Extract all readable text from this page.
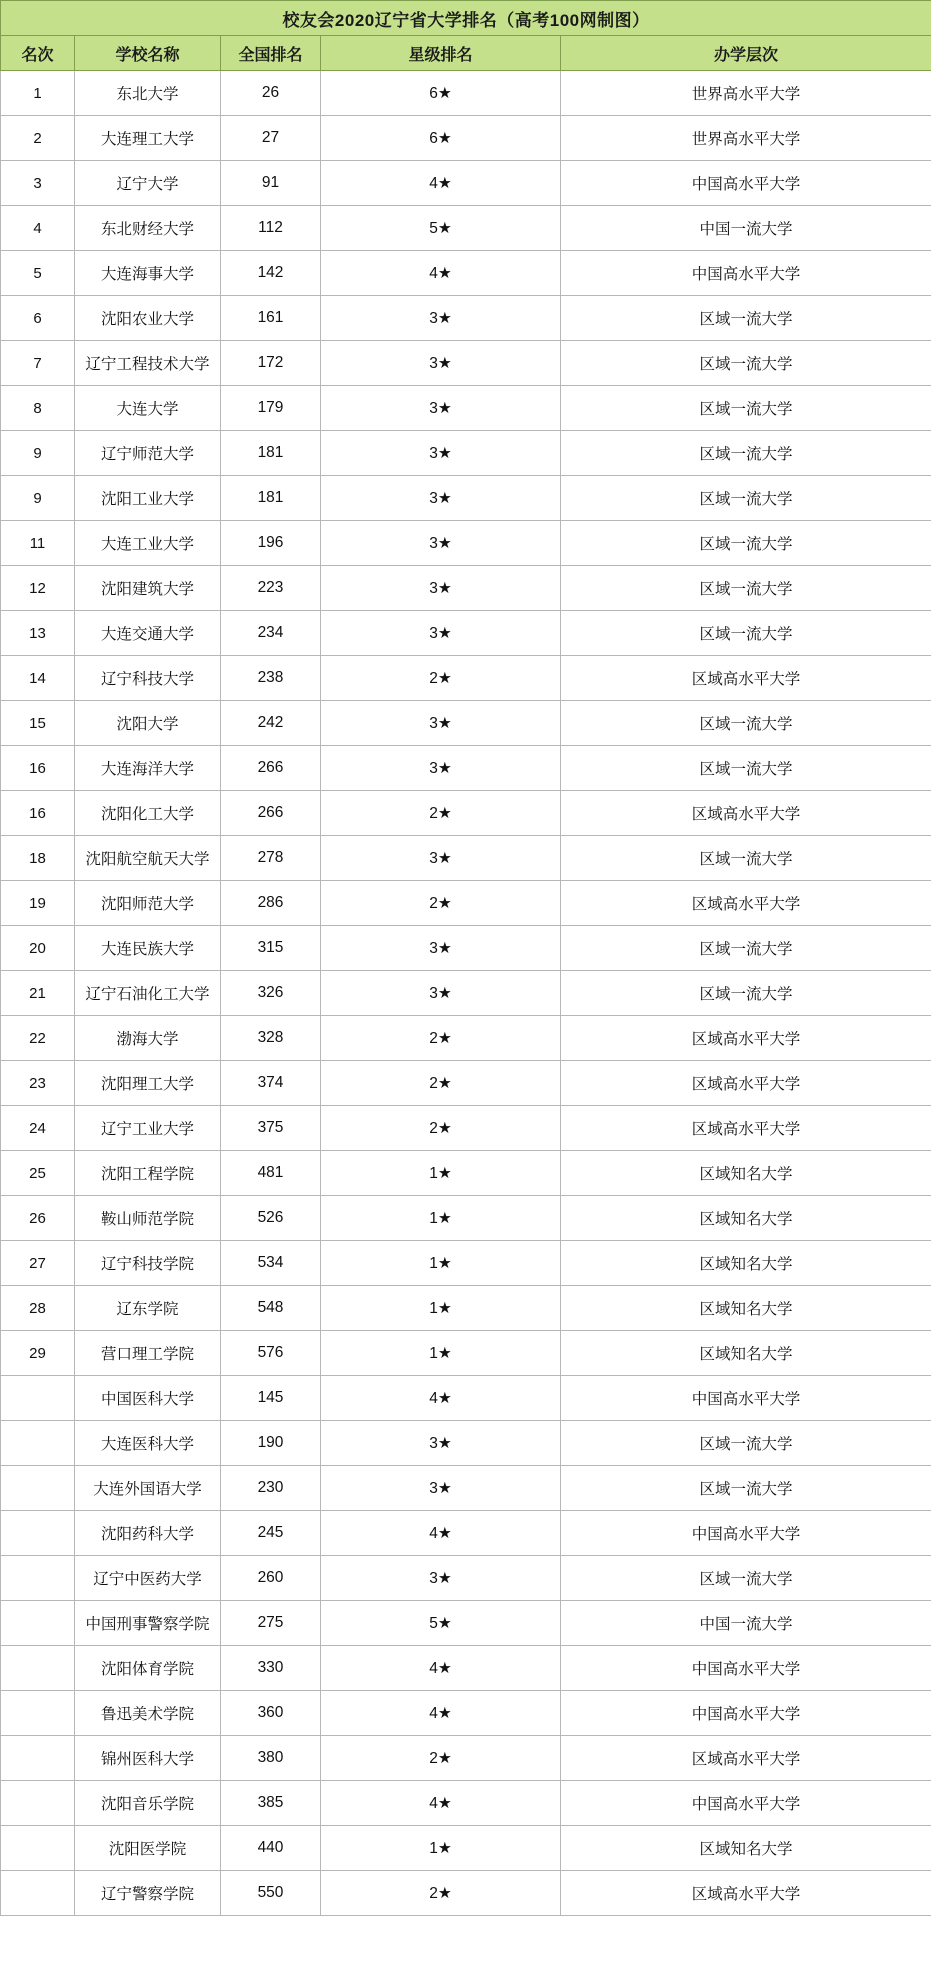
校友会2020辽宁省大学排名（高考100网制图）				
名次	学校名称	全国排名	星级排名	办学层次
1	东北大学	26	6★	世界高水平大学
2	大连理工大学	27	6★	世界高水平大学
3	辽宁大学	91	4★	中国高水平大学
4	东北财经大学	112	5★	中国一流大学
5	大连海事大学	142	4★	中国高水平大学
6	沈阳农业大学	161	3★	区域一流大学
7	辽宁工程技术大学	172	3★	区域一流大学
8	大连大学	179	3★	区域一流大学
9	辽宁师范大学	181	3★	区域一流大学
9	沈阳工业大学	181	3★	区域一流大学
11	大连工业大学	196	3★	区域一流大学
12	沈阳建筑大学	223	3★	区域一流大学
13	大连交通大学	234	3★	区域一流大学
14	辽宁科技大学	238	2★	区域高水平大学
15	沈阳大学	242	3★	区域一流大学
16	大连海洋大学	266	3★	区域一流大学
16	沈阳化工大学	266	2★	区域高水平大学
18	沈阳航空航天大学	278	3★	区域一流大学
19	沈阳师范大学	286	2★	区域高水平大学
20	大连民族大学	315	3★	区域一流大学
21	辽宁石油化工大学	326	3★	区域一流大学
22	渤海大学	328	2★	区域高水平大学
23	沈阳理工大学	374	2★	区域高水平大学
24	辽宁工业大学	375	2★	区域高水平大学
25	沈阳工程学院	481	1★	区域知名大学
26	鞍山师范学院	526	1★	区域知名大学
27	辽宁科技学院	534	1★	区域知名大学
28	辽东学院	548	1★	区域知名大学
29	营口理工学院	576	1★	区域知名大学
	中国医科大学	145	4★	中国高水平大学
	大连医科大学	190	3★	区域一流大学
	大连外国语大学	230	3★	区域一流大学
	沈阳药科大学	245	4★	中国高水平大学
	辽宁中医药大学	260	3★	区域一流大学
	中国刑事警察学院	275	5★	中国一流大学
	沈阳体育学院	330	4★	中国高水平大学
	鲁迅美术学院	360	4★	中国高水平大学
	锦州医科大学	380	2★	区域高水平大学
	沈阳音乐学院	385	4★	中国高水平大学
	沈阳医学院	440	1★	区域知名大学
	辽宁警察学院	550	2★	区域高水平大学
